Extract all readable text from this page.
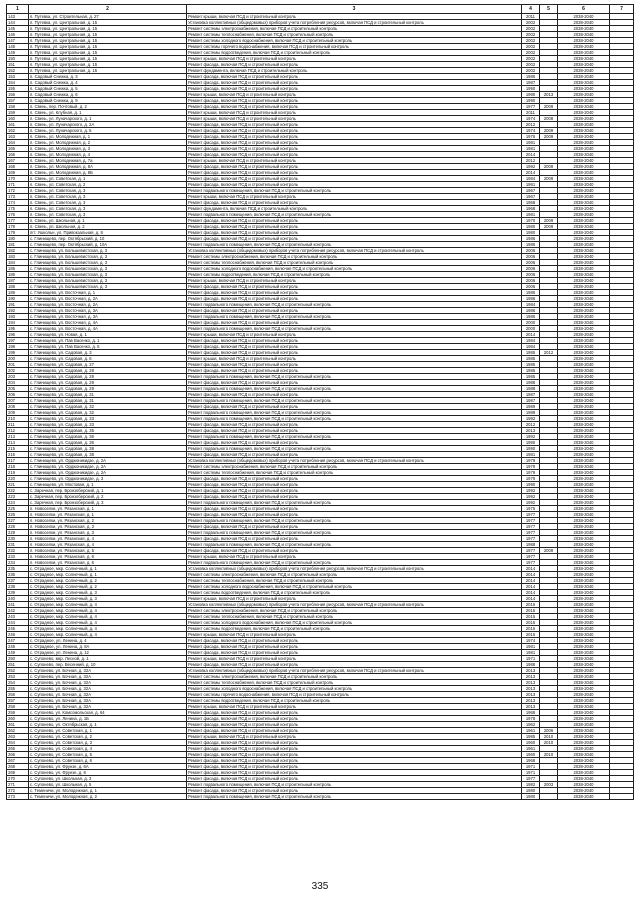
1	2	3	4	5	6	7
143	п. Путевка, ул. Строительная, д. 27	Ремонт крыши, включая ПСД и строительный контроль	2011		2038-2040	
144	п. Путевка, ул. Центральная, д. 15	Установка коллективных (общедомовых) приборов учета потребления ресурсов, включая ПСД и строительный контроль	2002		2038-2040	
145	п. Путевка, ул. Центральная, д. 15	Ремонт системы электроснабжения, включая ПСД и строительный контроль	2002		2038-2040	
146	п. Путевка, ул. Центральная, д. 15	Ремонт системы теплоснабжения, включая ПСД и строительный контроль	2002		2038-2040	
147	п. Путевка, ул. Центральная, д. 15	Ремонт системы холодного водоснабжения, включая ПСД и строительный контроль	2002		2038-2040	
148	п. Путевка, ул. Центральная, д. 15	Ремонт системы горячего водоснабжения, включая ПСД и строительный контроль	2002		2038-2040	
149	п. Путевка, ул. Центральная, д. 15	Ремонт системы водоотведения, включая ПСД и строительный контроль	2002		2038-2040	
150	п. Путевка, ул. Центральная, д. 15	Ремонт крыши, включая ПСД и строительный контроль	2002		2038-2040	
151	п. Путевка, ул. Центральная, д. 15	Ремонт фасада, включая ПСД и строительный контроль	2002		2038-2040	
152	п. Путевка, ул. Центральная, д. 15	Ремонт фундамента, включая ПСД и строительный контроль	2002		2038-2040	
153	п. Садовый Снежка, д. 3	Ремонт фасада, включая ПСД и строительный контроль	1986		2038-2040	
154	п. Садовый Снежка, д. 4	Ремонт фасада, включая ПСД и строительный контроль	1987		2038-2040	
155	п. Садовый Снежка, д. 5	Ремонт фасада, включая ПСД и строительный контроль	1990		2038-2040	
156	п. Садовый Снежка, д. 6	Ремонт крыши, включая ПСД и строительный контроль	1990	2013	2038-2040	
157	п. Садовый Снежка, д. 9	Ремонт фасада, включая ПСД и строительный контроль	1990		2038-2040	
158	п. Свень, пер. Почтовый, д. 2	Ремонт фасада, включая ПСД и строительный контроль	1977	2009	2038-2040	
159	п. Свень, ул. Клубная, д. 1	Ремонт крыши, включая ПСД и строительный контроль	2011		2038-2040	
160	п. Свень, ул. Луначарского, д. 1	Ремонт крыши, включая ПСД и строительный контроль	1974	2008	2038-2040	
161	п. Свень, ул. Луначарского, д. 2А	Ремонт фасада, включая ПСД и строительный контроль	2012		2038-2040	
162	п. Свень, ул. Луначарского, д. 5	Ремонт фасада, включая ПСД и строительный контроль	1974	2009	2038-2040	
163	п. Свень, ул. Молодежная, д. 1	Ремонт фасада, включая ПСД и строительный контроль	1976	2009	2038-2040	
164	п. Свень, ул. Молодежная, д. 2	Ремонт фасада, включая ПСД и строительный контроль	1981		2038-2040	
165	п. Свень, ул. Молодежная, д. 3	Ремонт фасада, включая ПСД и строительный контроль	1981		2038-2040	
166	п. Свень, ул. Молодежная, д. 4	Ремонт фасада, включая ПСД и строительный контроль	2014		2038-2040	
167	п. Свень, ул. Молодежная, д. 7а	Ремонт крыши, включая ПСД и строительный контроль	2012		2038-2040	
168	п. Свень, ул. Молодежная, д. 8А	Ремонт фасада, включая ПСД и строительный контроль	1992	2009	2038-2040	
169	п. Свень, ул. Молодежная, д. 8Б	Ремонт фасада, включая ПСД и строительный контроль	2014		2038-2040	
170	п. Свень, ул. Советская, д. 1	Ремонт фасада, включая ПСД и строительный контроль	1984	2009	2038-2040	
171	п. Свень, ул. Советская, д. 2	Ремонт фасада, включая ПСД и строительный контроль	1981		2038-2040	
172	п. Свень, ул. Советская, д. 3	Ремонт подвального помещения, включая ПСД и строительный контроль	1967		2038-2040	
173	п. Свень, ул. Советская, д. 3	Ремонт крыши, включая ПСД и строительный контроль	1967		2038-2040	
174	п. Свень, ул. Советская, д. 3	Ремонт фасада, включая ПСД и строительный контроль	1968		2038-2040	
175	п. Свень, ул. Советская, д. 3	Ремонт фундамента, включая ПСД и строительный контроль	1968		2038-2040	
176	п. Свень, ул. Советская, д. 3	Ремонт подвального помещения, включая ПСД и строительный контроль	1981		2038-2040	
177	п. Свень, ул. Школьная, д. 1	Ремонт фасада, включая ПСД и строительный контроль	1970	2009	2038-2040	
178	п. Свень, ул. Школьная, д. 2	Ремонт фасада, включая ПСД и строительный контроль	1980	2009	2038-2040	
179	пгт. Ушкольн, ул. Привокзальная, д. 8	Ремонт фасада, включая ПСД и строительный контроль	1980		2038-2040	
180	с. Глинищево, пер. Октябрьский, д. 10	Ремонт фасада, включая ПСД и строительный контроль	1986		2038-2040	
181	с. Глинищево, пер. Октябрьский, д. 10А	Ремонт подвального помещения, включая ПСД и строительный контроль	1986		2038-2040	
182	с. Глинищево, ул. Большевистская, д. 3	Установка коллективных (общедомовых) приборов учета потребления ресурсов, включая ПСД и строительный контроль	2006		2038-2040	
183	с. Глинищево, ул. Большевистская, д. 3	Ремонт системы электроснабжения, включая ПСД и строительный контроль	2006		2038-2040	
184	с. Глинищево, ул. Большевистская, д. 3	Ремонт системы теплоснабжения, включая ПСД и строительный контроль	2006		2038-2040	
185	с. Глинищево, ул. Большевистская, д. 3	Ремонт системы холодного водоснабжения, включая ПСД и строительный контроль	2006		2038-2040	
186	с. Глинищево, ул. Большевистская, д. 3	Ремонт системы водоотведения, включая ПСД и строительный контроль	2006		2038-2040	
187	с. Глинищево, ул. Большевистская, д. 3	Ремонт крыши, включая ПСД и строительный контроль	2006		2038-2040	
188	с. Глинищево, ул. Большевистская, д. 3	Ремонт фасада, включая ПСД и строительный контроль	2006		2038-2040	
189	с. Глинищево, ул. Восточная, д. 1	Ремонт фасада, включая ПСД и строительный контроль	1986		2038-2040	
190	с. Глинищево, ул. Восточная, д. 2А	Ремонт фасада, включая ПСД и строительный контроль	1986		2038-2040	
191	с. Глинищево, ул. Восточная, д. 2А	Ремонт подвального помещения, включая ПСД и строительный контроль	1984		2038-2040	
192	с. Глинищево, ул. Восточная, д. 3А	Ремонт фасада, включая ПСД и строительный контроль	1986		2038-2040	
193	с. Глинищево, ул. Восточная, д. 3А	Ремонт подвального помещения, включая ПСД и строительный контроль	1986		2038-2040	
194	с. Глинищево, ул. Восточная, д. 4А	Ремонт фасада, включая ПСД и строительный контроль	2000		2038-2040	
195	с. Глинищево, ул. Восточная, д. 4А	Ремонт подвального помещения, включая ПСД и строительный контроль	2000		2038-2040	
196	с. Глинищево, ул. Новая, д. 1	Ремонт крыши, включая ПСД и строительный контроль	2014		2038-2040	
197	с. Глинищево, ул. Пав Васенко, д. 1	Ремонт фасада, включая ПСД и строительный контроль	1984		2038-2040	
198	с. Глинищево, ул. Пав Васенко, д. 5	Ремонт фасада, включая ПСД и строительный контроль	1984		2038-2040	
199	с. Глинищево, ул. Садовая, д. 3	Ремонт фасада, включая ПСД и строительный контроль	1985	2012	2038-2040	
200	с. Глинищево, ул. Садовая, д. 6	Ремонт крыши, включая ПСД и строительный контроль	1985		2038-2040	
201	с. Глинищево, ул. Садовая, д. 27	Ремонт фасада, включая ПСД и строительный контроль	1985		2038-2040	
202	с. Глинищево, ул. Садовая, д. 28	Ремонт фасада, включая ПСД и строительный контроль	1985		2038-2040	
203	с. Глинищево, ул. Садовая, д. 28	Ремонт подвального помещения, включая ПСД и строительный контроль	1985		2038-2040	
204	с. Глинищево, ул. Садовая, д. 29	Ремонт фасада, включая ПСД и строительный контроль	1988		2038-2040	
205	с. Глинищево, ул. Садовая, д. 29	Ремонт подвального помещения, включая ПСД и строительный контроль	1988		2038-2040	
206	с. Глинищево, ул. Садовая, д. 31	Ремонт фасада, включая ПСД и строительный контроль	1987		2038-2040	
207	с. Глинищево, ул. Садовая, д. 31	Ремонт подвального помещения, включая ПСД и строительный контроль	1987		2038-2040	
208	с. Глинищево, ул. Садовая, д. 32	Ремонт фасада, включая ПСД и строительный контроль	1989		2038-2040	
209	с. Глинищево, ул. Садовая, д. 32	Ремонт подвального помещения, включая ПСД и строительный контроль	1989		2038-2040	
210	с. Глинищево, ул. Садовая, д. 33	Ремонт подвального помещения, включая ПСД и строительный контроль	1992		2038-2040	
211	с. Глинищево, ул. Садовая, д. 33	Ремонт фасада, включая ПСД и строительный контроль	2012		2038-2040	
212	с. Глинищево, ул. Садовая, д. 35	Ремонт фасада, включая ПСД и строительный контроль	2013		2038-2040	
213	с. Глинищево, ул. Садовая, д. 36	Ремонт подвального помещения, включая ПСД и строительный контроль	1992		2038-2040	
214	с. Глинищево, ул. Садовая, д. 36	Ремонт фасада, включая ПСД и строительный контроль	1990		2038-2040	
215	с. Глинищево, ул. Садовая, д. 38	Ремонт подвального помещения, включая ПСД и строительный контроль	1990		2038-2040	
216	с. Глинищево, ул. Садовая, д. 38	Ремонт фасада, включая ПСД и строительный контроль	1981		2038-2040	
217	с. Глинищево, ул. Орджоникидзе, д. 2А	Установка коллективных (общедомовых) приборов учета потребления ресурсов, включая ПСД и строительный контроль	1979		2038-2040	
218	с. Глинищево, ул. Орджоникидзе, д. 2А	Ремонт системы электроснабжения, включая ПСД и строительный контроль	1979		2038-2040	
219	с. Глинищево, ул. Орджоникидзе, д. 2А	Ремонт системы теплоснабжения, включая ПСД и строительный контроль	1979		2038-2040	
220	с. Глинищево, ул. Орджоникидзе, д. 3	Ремонт фасада, включая ПСД и строительный контроль	1979		2038-2040	
221	с. Глинищево, ул. Мостовая, д. 1	Ремонт фасада, включая ПСД и строительный контроль	1990		2038-2040	
222	с. Заречная, пер. Бронзоберский, д. 1	Ремонт фасада, включая ПСД и строительный контроль	1992		2038-2040	
223	с. Заречная, пер. Бронзоберский, д. 2	Ремонт фасада, включая ПСД и строительный контроль	1992		2038-2040	
224	с. Заречная, пер. Бронзоберский, д. 3	Ремонт подвального помещения, включая ПСД и строительный контроль	1992		2038-2040	
225	п. Новоселки, ул. Рязанская, д. 1	Ремонт фасада, включая ПСД и строительный контроль	1975		2038-2040	
226	п. Новоселки, ул. Рязанская, д. 1	Ремонт фасада, включая ПСД и строительный контроль	1977		2038-2040	
227	п. Новоселки, ул. Рязанская, д. 2	Ремонт подвального помещения, включая ПСД и строительный контроль	1977		2038-2040	
228	п. Новоселки, ул. Рязанская, д. 3	Ремонт фасада, включая ПСД и строительный контроль	1977		2038-2040	
229	п. Новоселки, ул. Рязанская, д. 3	Ремонт подвального помещения, включая ПСД и строительный контроль	1977		2038-2040	
230	п. Новоселки, ул. Рязанская, д. 4	Ремонт фасада, включая ПСД и строительный контроль	1977		2038-2040	
231	п. Новоселки, ул. Рязанская, д. 4	Ремонт подвального помещения, включая ПСД и строительный контроль	1988		2038-2040	
232	п. Новоселки, ул. Рязанская, д. 5	Ремонт фасада, включая ПСД и строительный контроль	1977	2009	2038-2040	
233	п. Новоселки, ул. Рязанская, д. 6	Ремонт крыши, включая ПСД и строительный контроль	1977		2038-2040	
234	п. Новоселки, ул. Рязанская, д. 6	Ремонт подвального помещения, включая ПСД и строительный контроль	1977		2038-2040	
235	с. Отрадное, мкр. Солнечный, д. 1	Установка коллективных (общедомовых) приборов учета потребления ресурсов, включая ПСД и строительный контроль	2014		2038-2040	
236	с. Отрадное, мкр. Солнечный, д. 1	Ремонт системы электроснабжения, включая ПСД и строительный контроль	2014		2038-2040	
237	с. Отрадное, мкр. Солнечный, д. 2	Ремонт системы теплоснабжения, включая ПСД и строительный контроль	2014		2038-2040	
238	с. Отрадное, мкр. Солнечный, д. 2	Ремонт системы холодного водоснабжения, включая ПСД и строительный контроль	2014		2038-2040	
239	с. Отрадное, мкр. Солнечный, д. 3	Ремонт системы водоотведения, включая ПСД и строительный контроль	2014		2038-2040	
240	с. Отрадное, мкр. Солнечный, д. 3	Ремонт крыши, включая ПСД и строительный контроль	2014		2038-2040	
241	с. Отрадное, мкр. Солнечный, д. 4	Установка коллективных (общедомовых) приборов учета потребления ресурсов, включая ПСД и строительный контроль	2015		2038-2040	
242	с. Отрадное, мкр. Солнечный, д. 4	Ремонт системы электроснабжения, включая ПСД и строительный контроль	2015		2038-2040	
243	с. Отрадное, мкр. Солнечный, д. 4	Ремонт системы теплоснабжения, включая ПСД и строительный контроль	2015		2038-2040	
244	с. Отрадное, мкр. Солнечный, д. 4	Ремонт системы холодного водоснабжения, включая ПСД и строительный контроль	2015		2038-2040	
245	с. Отрадное, мкр. Солнечный, д. 4	Ремонт системы водоотведения, включая ПСД и строительный контроль	2015		2038-2040	
246	с. Отрадное, мкр. Солнечный, д. 4	Ремонт крыши, включая ПСД и строительный контроль	2015		2038-2040	
247	с. Отрадное, ул. Ленина, д. 4	Ремонт фасада, включая ПСД и строительный контроль	1974		2038-2040	
248	с. Отрадное, ул. Ленина, д. 8А	Ремонт фасада, включая ПСД и строительный контроль	1981		2038-2040	
249	с. Отрадное, ул. Ленина, д. 12	Ремонт фасада, включая ПСД и строительный контроль	1981		2038-2040	
250	с. Супонево, мкр. Лесной, д. 1	Ремонт крыши, включая ПСД и строительный контроль	1971		2038-2040	
251	с. Супонево, пер. Весенний, д. 10	Ремонт фасада, включая ПСД и строительный контроль	1988		2038-2040	
252	с. Супонево, ул. Бочная, д. 32А	Установка коллективных (общедомовых) приборов учета потребления ресурсов, включая ПСД и строительный контроль	2013		2038-2040	
253	с. Супонево, ул. Бочная, д. 32А	Ремонт системы электроснабжения, включая ПСД и строительный контроль	2013		2038-2040	
254	с. Супонево, ул. Бочная, д. 32А	Ремонт системы теплоснабжения, включая ПСД и строительный контроль	2013		2038-2040	
255	с. Супонево, ул. Бочная, д. 32А	Ремонт системы холодного водоснабжения, включая ПСД и строительный контроль	2013		2038-2040	
256	с. Супонево, ул. Бочная, д. 32А	Ремонт системы горячего водоснабжения, включая ПСД и строительный контроль	2013		2038-2040	
257	с. Супонево, ул. Бочная, д. 32А	Ремонт системы водоотведения, включая ПСД и строительный контроль	2013		2038-2040	
258	с. Супонево, ул. Бочная, д. 32А	Ремонт крыши, включая ПСД и строительный контроль	2013		2038-2040	
259	с. Супонево, ул. Комсомольская, д. 64	Ремонт фасада, включая ПСД и строительный контроль	1968		2038-2040	
260	с. Супонево, ул. Ленина, д. 1Б	Ремонт фасада, включая ПСД и строительный контроль	1978		2038-2040	
261	с. Супонево, ул. Октябрьская, д. 1	Ремонт фасада, включая ПСД и строительный контроль	1962		2038-2040	
262	с. Супонево, ул. Советская, д. 1	Ремонт фасада, включая ПСД и строительный контроль	1961	2006	2038-2040	
263	с. Супонево, ул. Советская, д. 2	Ремонт крыши, включая ПСД и строительный контроль	1985	2010	2038-2040	
264	с. Супонево, ул. Советская, д. 3	Ремонт фасада, включая ПСД и строительный контроль	1960	2010	2038-2040	
265	с. Супонево, ул. Советская, д. 4	Ремонт фасада, включая ПСД и строительный контроль	1961		2038-2040	
266	с. Супонево, ул. Советская, д. 5	Ремонт фасада, включая ПСД и строительный контроль	1960	2010	2038-2040	
267	с. Супонево, ул. Советская, д. 6	Ремонт фасада, включая ПСД и строительный контроль	1968		2038-2040	
268	с. Супонево, ул. Фрунзе, д. 6А	Ремонт фасада, включая ПСД и строительный контроль	1971		2038-2040	
269	с. Супонево, ул. Фрунзе, д. 8	Ремонт фасада, включая ПСД и строительный контроль	1971		2038-2040	
270	с. Супонево, ул. Школьная, д. 3	Ремонт фасада, включая ПСД и строительный контроль	1977		2038-2040	
271	с. Супонево, ул. Школьная, д. 5	Ремонт подвального помещения, включая ПСД и строительный контроль	1982	2003	2038-2040	
272	с. Теменичи, ул. Молодежная, д. 1	Ремонт фасада, включая ПСД и строительный контроль	1980		2038-2040	
273	с. Теменичи, ул. Молодежная, д. 2	Ремонт подвального помещения, включая ПСД и строительный контроль	1980		2038-2040	
335
